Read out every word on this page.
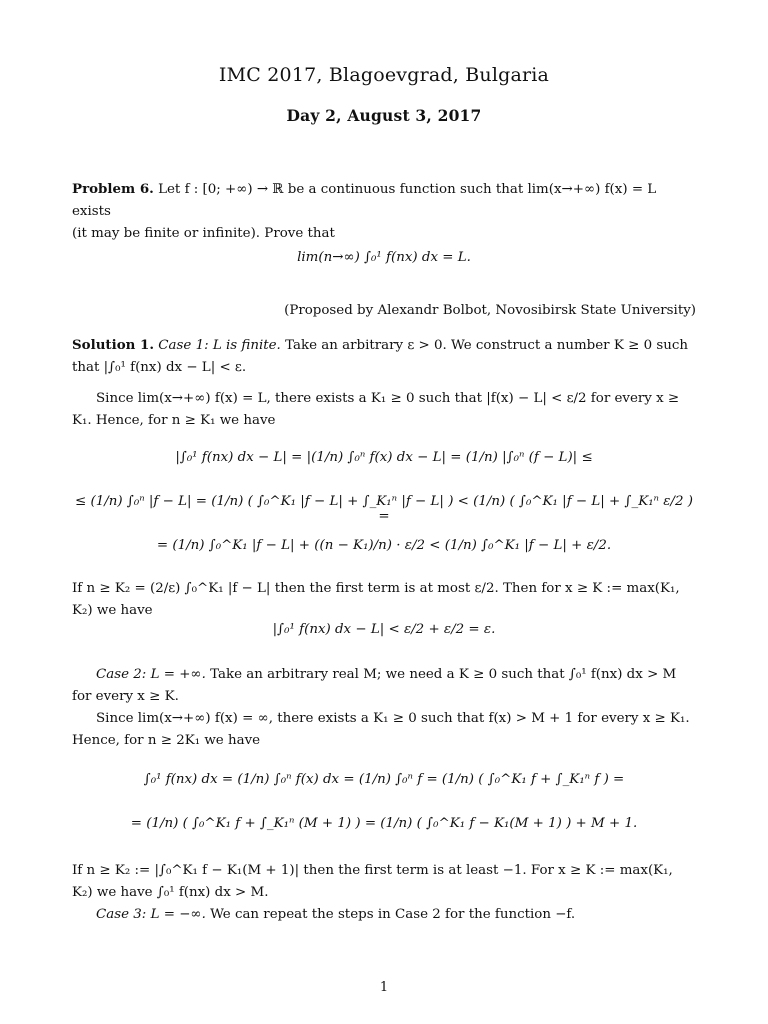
IMC 2017, Blagoevgrad, Bulgaria
Day 2, August 3, 2017
Problem 6. Let f : [0; +∞) → ℝ be a continuous function such that lim(x→+∞) f(x) = L exists
(it may be finite or infinite). Prove that
lim(n→∞) ∫₀¹ f(nx) dx = L.
(Proposed by Alexandr Bolbot, Novosibirsk State University)
Solution 1. Case 1: L is finite. Take an arbitrary ε > 0. We construct a number K ≥ 0 such that |∫₀¹ f(nx) dx − L| < ε.
Since lim(x→+∞) f(x) = L, there exists a K₁ ≥ 0 such that |f(x) − L| < ε/2 for every x ≥ K₁. Hence, for n ≥ K₁ we have
|∫₀¹ f(nx) dx − L| = |(1/n) ∫₀ⁿ f(x) dx − L| = (1/n) |∫₀ⁿ (f − L)| ≤
≤ (1/n) ∫₀ⁿ |f − L| = (1/n) ( ∫₀^K₁ |f − L| + ∫_K₁ⁿ |f − L| ) < (1/n) ( ∫₀^K₁ |f − L| + ∫_K₁ⁿ ε/2 ) =
= (1/n) ∫₀^K₁ |f − L| + ((n − K₁)/n) · ε/2 < (1/n) ∫₀^K₁ |f − L| + ε/2.
If n ≥ K₂ = (2/ε) ∫₀^K₁ |f − L| then the first term is at most ε/2. Then for x ≥ K := max(K₁, K₂) we have
|∫₀¹ f(nx) dx − L| < ε/2 + ε/2 = ε.
Case 2: L = +∞. Take an arbitrary real M; we need a K ≥ 0 such that ∫₀¹ f(nx) dx > M for every x ≥ K.
Since lim(x→+∞) f(x) = ∞, there exists a K₁ ≥ 0 such that f(x) > M + 1 for every x ≥ K₁. Hence, for n ≥ 2K₁ we have
∫₀¹ f(nx) dx = (1/n) ∫₀ⁿ f(x) dx = (1/n) ∫₀ⁿ f = (1/n) ( ∫₀^K₁ f + ∫_K₁ⁿ f ) =
= (1/n) ( ∫₀^K₁ f + ∫_K₁ⁿ (M + 1) ) = (1/n) ( ∫₀^K₁ f − K₁(M + 1) ) + M + 1.
If n ≥ K₂ := |∫₀^K₁ f − K₁(M + 1)| then the first term is at least −1. For x ≥ K := max(K₁, K₂) we have ∫₀¹ f(nx) dx > M.
Case 3: L = −∞. We can repeat the steps in Case 2 for the function −f.
1
